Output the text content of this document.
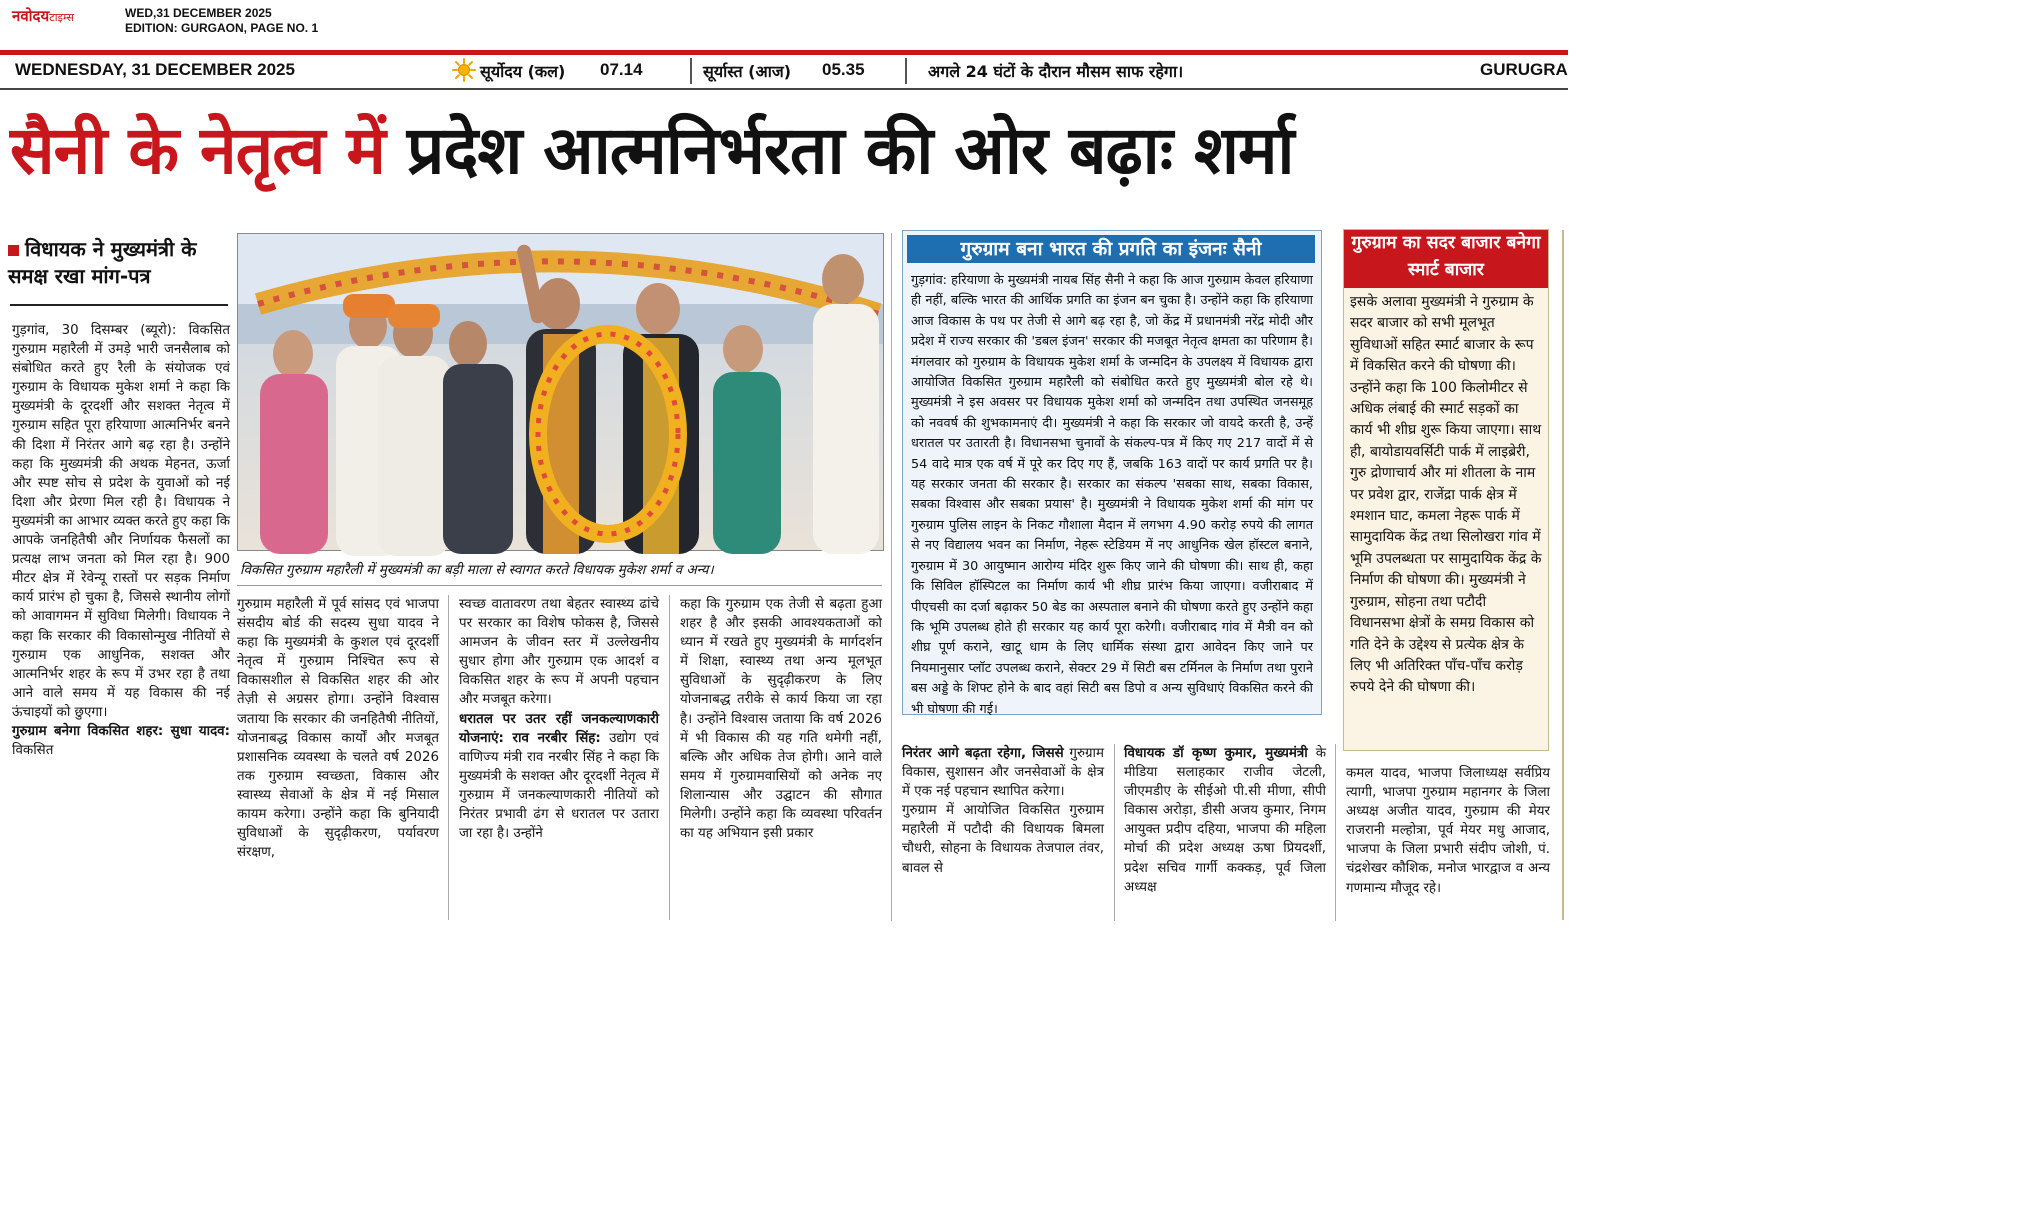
नवोदयटाइम्स	WED,31 DECEMBER 2025
EDITION: GURGAON, PAGE NO. 1
WEDNESDAY, 31 DECEMBER 2025	सूर्योदय (कल) 07.14	सूर्यास्त (आज) 05.35	अगले 24 घंटों के दौरान मौसम साफ रहेगा।	GURUGRA
सैनी के नेतृत्व में प्रदेश आत्मनिर्भरता की ओर बढ़ाः शर्मा
विधायक ने मुख्यमंत्री के समक्ष रखा मांग-पत्र
गुड़गांव, 30 दिसम्बर (ब्यूरो): विकसित गुरुग्राम महारैली में उमड़े भारी जनसैलाब को संबोधित करते हुए रैली के संयोजक एवं गुरुग्राम के विधायक मुकेश शर्मा ने कहा कि मुख्यमंत्री के दूरदर्शी और सशक्त नेतृत्व में गुरुग्राम सहित पूरा हरियाणा आत्मनिर्भर बनने की दिशा में निरंतर आगे बढ़ रहा है। उन्होंने कहा कि मुख्यमंत्री की अथक मेहनत, ऊर्जा और स्पष्ट सोच से प्रदेश के युवाओं को नई दिशा और प्रेरणा मिल रही है। विधायक ने मुख्यमंत्री का आभार व्यक्त करते हुए कहा कि आपके जनहितैषी और निर्णायक फैसलों का प्रत्यक्ष लाभ जनता को मिल रहा है। 900 मीटर क्षेत्र में रेवेन्यू रास्तों पर सड़क निर्माण कार्य प्रारंभ हो चुका है, जिससे स्थानीय लोगों को आवागमन में सुविधा मिलेगी। विधायक ने कहा कि सरकार की विकासोन्मुख नीतियों से गुरुग्राम एक आधुनिक, सशक्त और आत्मनिर्भर शहर के रूप में उभर रहा है तथा आने वाले समय में यह विकास की नई ऊंचाइयों को छुएगा।
गुरुग्राम बनेगा विकसित शहर: सुधा यादव: विकसित
विकसित गुरुग्राम महारैली में मुख्यमंत्री का बड़ी माला से स्वागत करते विधायक मुकेश शर्मा व अन्य।
गुरुग्राम महारैली में पूर्व सांसद एवं भाजपा संसदीय बोर्ड की सदस्य सुधा यादव ने कहा कि मुख्यमंत्री के कुशल एवं दूरदर्शी नेतृत्व में गुरुग्राम निश्चित रूप से विकासशील से विकसित शहर की ओर तेज़ी से अग्रसर होगा। उन्होंने विश्वास जताया कि सरकार की जनहितैषी नीतियों, योजनाबद्ध विकास कार्यों और मजबूत प्रशासनिक व्यवस्था के चलते वर्ष 2026 तक गुरुग्राम स्वच्छता, विकास और स्वास्थ्य सेवाओं के क्षेत्र में नई मिसाल कायम करेगा। उन्होंने कहा कि बुनियादी सुविधाओं के सुदृढ़ीकरण, पर्यावरण संरक्षण,
स्वच्छ वातावरण तथा बेहतर स्वास्थ्य ढांचे पर सरकार का विशेष फोकस है, जिससे आमजन के जीवन स्तर में उल्लेखनीय सुधार होगा और गुरुग्राम एक आदर्श व विकसित शहर के रूप में अपनी पहचान और मजबूत करेगा।
धरातल पर उतर रहीं जनकल्याणकारी योजनाएं: राव नरबीर सिंह: उद्योग एवं वाणिज्य मंत्री राव नरबीर सिंह ने कहा कि मुख्यमंत्री के सशक्त और दूरदर्शी नेतृत्व में गुरुग्राम में जनकल्याणकारी नीतियों को निरंतर प्रभावी ढंग से धरातल पर उतारा जा रहा है। उन्होंने
कहा कि गुरुग्राम एक तेजी से बढ़ता हुआ शहर है और इसकी आवश्यकताओं को ध्यान में रखते हुए मुख्यमंत्री के मार्गदर्शन में शिक्षा, स्वास्थ्य तथा अन्य मूलभूत सुविधाओं के सुदृढ़ीकरण के लिए योजनाबद्ध तरीके से कार्य किया जा रहा है। उन्होंने विश्वास जताया कि वर्ष 2026 में भी विकास की यह गति थमेगी नहीं, बल्कि और अधिक तेज होगी। आने वाले समय में गुरुग्रामवासियों को अनेक नए शिलान्यास और उद्घाटन की सौगात मिलेगी। उन्होंने कहा कि व्यवस्था परिवर्तन का यह अभियान इसी प्रकार
गुरुग्राम बना भारत की प्रगति का इंजनः सैनी
गुड़गांव: हरियाणा के मुख्यमंत्री नायब सिंह सैनी ने कहा कि आज गुरुग्राम केवल हरियाणा ही नहीं, बल्कि भारत की आर्थिक प्रगति का इंजन बन चुका है। उन्होंने कहा कि हरियाणा आज विकास के पथ पर तेजी से आगे बढ़ रहा है, जो केंद्र में प्रधानमंत्री नरेंद्र मोदी और प्रदेश में राज्य सरकार की 'डबल इंजन' सरकार की मजबूत नेतृत्व क्षमता का परिणाम है। मंगलवार को गुरुग्राम के विधायक मुकेश शर्मा के जन्मदिन के उपलक्ष्य में विधायक द्वारा आयोजित विकसित गुरुग्राम महारैली को संबोधित करते हुए मुख्यमंत्री बोल रहे थे। मुख्यमंत्री ने इस अवसर पर विधायक मुकेश शर्मा को जन्मदिन तथा उपस्थित जनसमूह को नववर्ष की शुभकामनाएं दी। मुख्यमंत्री ने कहा कि सरकार जो वायदे करती है, उन्हें धरातल पर उतारती है। विधानसभा चुनावों के संकल्प-पत्र में किए गए 217 वादों में से 54 वादे मात्र एक वर्ष में पूरे कर दिए गए हैं, जबकि 163 वादों पर कार्य प्रगति पर है। यह सरकार जनता की सरकार है। सरकार का संकल्प 'सबका साथ, सबका विकास, सबका विश्वास और सबका प्रयास' है। मुख्यमंत्री ने विधायक मुकेश शर्मा की मांग पर गुरुग्राम पुलिस लाइन के निकट गौशाला मैदान में लगभग 4.90 करोड़ रुपये की लागत से नए विद्यालय भवन का निर्माण, नेहरू स्टेडियम में नए आधुनिक खेल हॉस्टल बनाने, गुरुग्राम में 30 आयुष्मान आरोग्य मंदिर शुरू किए जाने की घोषणा की। साथ ही, कहा कि सिविल हॉस्पिटल का निर्माण कार्य भी शीघ्र प्रारंभ किया जाएगा। वजीराबाद में पीएचसी का दर्जा बढ़ाकर 50 बेड का अस्पताल बनाने की घोषणा करते हुए उन्होंने कहा कि भूमि उपलब्ध होते ही सरकार यह कार्य पूरा करेगी। वजीराबाद गांव में मैत्री वन को शीघ्र पूर्ण कराने, खाटू धाम के लिए धार्मिक संस्था द्वारा आवेदन किए जाने पर नियमानुसार प्लॉट उपलब्ध कराने, सेक्टर 29 में सिटी बस टर्मिनल के निर्माण तथा पुराने बस अड्डे के शिफ्ट होने के बाद वहां सिटी बस डिपो व अन्य सुविधाएं विकसित करने की भी घोषणा की गई।
गुरुग्राम का सदर बाजार बनेगा स्मार्ट बाजार
इसके अलावा मुख्यमंत्री ने गुरुग्राम के सदर बाजार को सभी मूलभूत सुविधाओं सहित स्मार्ट बाजार के रूप में विकसित करने की घोषणा की। उन्होंने कहा कि 100 किलोमीटर से अधिक लंबाई की स्मार्ट सड़कों का कार्य भी शीघ्र शुरू किया जाएगा। साथ ही, बायोडायवर्सिटी पार्क में लाइब्रेरी, गुरु द्रोणाचार्य और मां शीतला के नाम पर प्रवेश द्वार, राजेंद्रा पार्क क्षेत्र में श्मशान घाट, कमला नेहरू पार्क में सामुदायिक केंद्र तथा सिलोखरा गांव में भूमि उपलब्धता पर सामुदायिक केंद्र के निर्माण की घोषणा की। मुख्यमंत्री ने गुरुग्राम, सोहना तथा पटौदी विधानसभा क्षेत्रों के समग्र विकास को गति देने के उद्देश्य से प्रत्येक क्षेत्र के लिए भी अतिरिक्त पाँच-पाँच करोड़ रुपये देने की घोषणा की।
निरंतर आगे बढ़ता रहेगा, जिससे गुरुग्राम विकास, सुशासन और जनसेवाओं के क्षेत्र में एक नई पहचान स्थापित करेगा।
गुरुग्राम में आयोजित विकसित गुरुग्राम महारैली में पटौदी की विधायक बिमला चौधरी, सोहना के विधायक तेजपाल तंवर, बावल से
विधायक डॉ कृष्ण कुमार, मुख्यमंत्री के मीडिया सलाहकार राजीव जेटली, जीएमडीए के सीईओ पी.सी मीणा, सीपी विकास अरोड़ा, डीसी अजय कुमार, निगम आयुक्त प्रदीप दहिया, भाजपा की महिला मोर्चा की प्रदेश अध्यक्ष ऊषा प्रियदर्शी, प्रदेश सचिव गार्गी कक्कड़, पूर्व जिला अध्यक्ष
कमल यादव, भाजपा जिलाध्यक्ष सर्वप्रिय त्यागी, भाजपा गुरुग्राम महानगर के जिला अध्यक्ष अजीत यादव, गुरुग्राम की मेयर राजरानी मल्होत्रा, पूर्व मेयर मधु आजाद, भाजपा के जिला प्रभारी संदीप जोशी, पं. चंद्रशेखर कौशिक, मनोज भारद्वाज व अन्य गणमान्य मौजूद रहे।
